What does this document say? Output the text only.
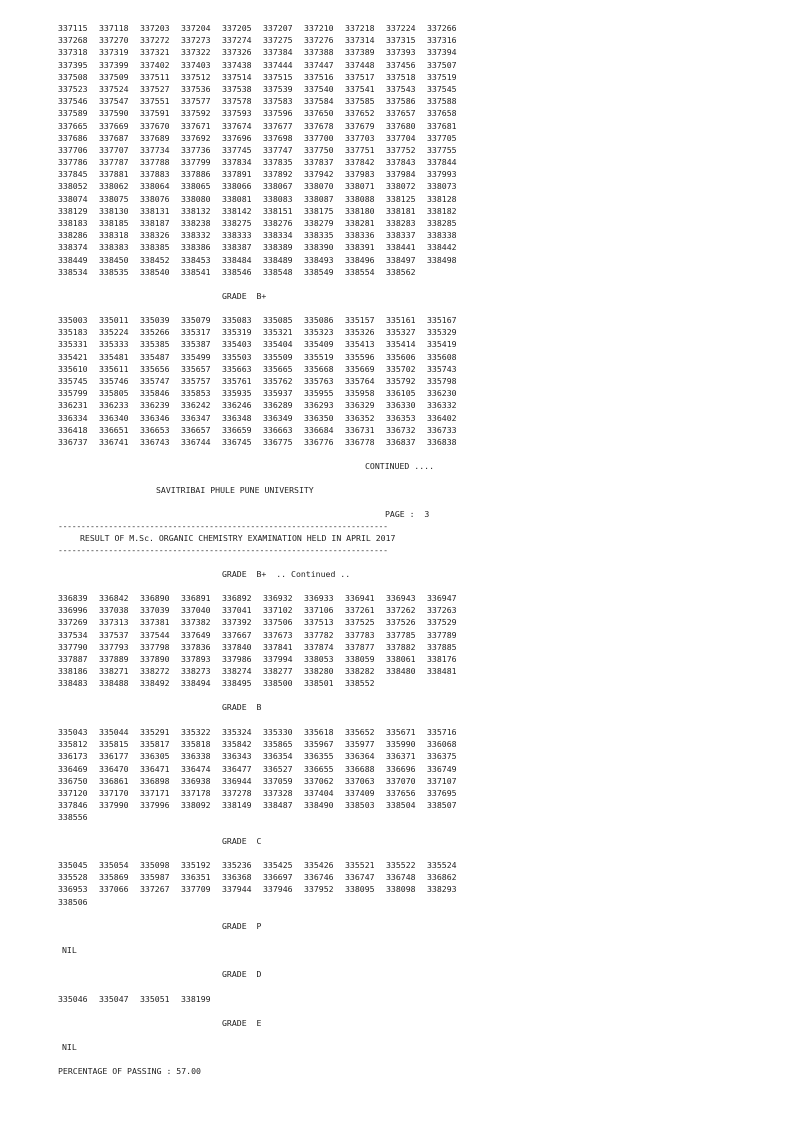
337115	337118	337203	337204	337205	337207	337210	337218	337224	337266
337268	337270	337272	337273	337274	337275	337276	337314	337315	337316
337318	337319	337321	337322	337326	337384	337388	337389	337393	337394
337395	337399	337402	337403	337438	337444	337447	337448	337456	337507
337508	337509	337511	337512	337514	337515	337516	337517	337518	337519
337523	337524	337527	337536	337538	337539	337540	337541	337543	337545
337546	337547	337551	337577	337578	337583	337584	337585	337586	337588
337589	337590	337591	337592	337593	337596	337650	337652	337657	337658
337665	337669	337670	337671	337674	337677	337678	337679	337680	337681
337686	337687	337689	337692	337696	337698	337700	337703	337704	337705
337706	337707	337734	337736	337745	337747	337750	337751	337752	337755
337786	337787	337788	337799	337834	337835	337837	337842	337843	337844
337845	337881	337883	337886	337891	337892	337942	337983	337984	337993
338052	338062	338064	338065	338066	338067	338070	338071	338072	338073
338074	338075	338076	338080	338081	338083	338087	338088	338125	338128
338129	338130	338131	338132	338142	338151	338175	338180	338181	338182
338183	338185	338187	338238	338275	338276	338279	338281	338283	338285
338286	338318	338326	338332	338333	338334	338335	338336	338337	338338
338374	338383	338385	338386	338387	338389	338390	338391	338441	338442
338449	338450	338452	338453	338484	338489	338493	338496	338497	338498
338534	338535	338540	338541	338546	338548	338549	338554	338562
GRADE  B+
335003	335011	335039	335079	335083	335085	335086	335157	335161	335167
335183	335224	335266	335317	335319	335321	335323	335326	335327	335329
335331	335333	335385	335387	335403	335404	335409	335413	335414	335419
335421	335481	335487	335499	335503	335509	335519	335596	335606	335608
335610	335611	335656	335657	335663	335665	335668	335669	335702	335743
335745	335746	335747	335757	335761	335762	335763	335764	335792	335798
335799	335805	335846	335853	335935	335937	335955	335958	336105	336230
336231	336233	336239	336242	336246	336289	336293	336329	336330	336332
336334	336340	336346	336347	336348	336349	336350	336352	336353	336402
336418	336651	336653	336657	336659	336663	336684	336731	336732	336733
336737	336741	336743	336744	336745	336775	336776	336778	336837	336838
CONTINUED ....
SAVITRIBAI PHULE PUNE UNIVERSITY
PAGE :  3
------------------------------------------------------------------------
RESULT OF M.Sc. ORGANIC CHEMISTRY EXAMINATION HELD IN APRIL 2017
------------------------------------------------------------------------
GRADE  B+  .. Continued ..
336839	336842	336890	336891	336892	336932	336933	336941	336943	336947
336996	337038	337039	337040	337041	337102	337106	337261	337262	337263
337269	337313	337381	337382	337392	337506	337513	337525	337526	337529
337534	337537	337544	337649	337667	337673	337782	337783	337785	337789
337790	337793	337798	337836	337840	337841	337874	337877	337882	337885
337887	337889	337890	337893	337986	337994	338053	338059	338061	338176
338186	338271	338272	338273	338274	338277	338280	338282	338480	338481
338483	338488	338492	338494	338495	338500	338501	338552
GRADE  B
335043	335044	335291	335322	335324	335330	335618	335652	335671	335716
335812	335815	335817	335818	335842	335865	335967	335977	335990	336068
336173	336177	336305	336338	336343	336354	336355	336364	336371	336375
336469	336470	336471	336474	336477	336527	336655	336688	336696	336749
336750	336861	336898	336938	336944	337059	337062	337063	337070	337107
337120	337170	337171	337178	337278	337328	337404	337409	337656	337695
337846	337990	337996	338092	338149	338487	338490	338503	338504	338507
338556
GRADE  C
335045	335054	335098	335192	335236	335425	335426	335521	335522	335524
335528	335869	335987	336351	336368	336697	336746	336747	336748	336862
336953	337066	337267	337709	337944	337946	337952	338095	338098	338293
338506
GRADE  P
NIL
GRADE  D
335046	335047	335051	338199
GRADE  E
NIL
PERCENTAGE OF PASSING : 57.00
